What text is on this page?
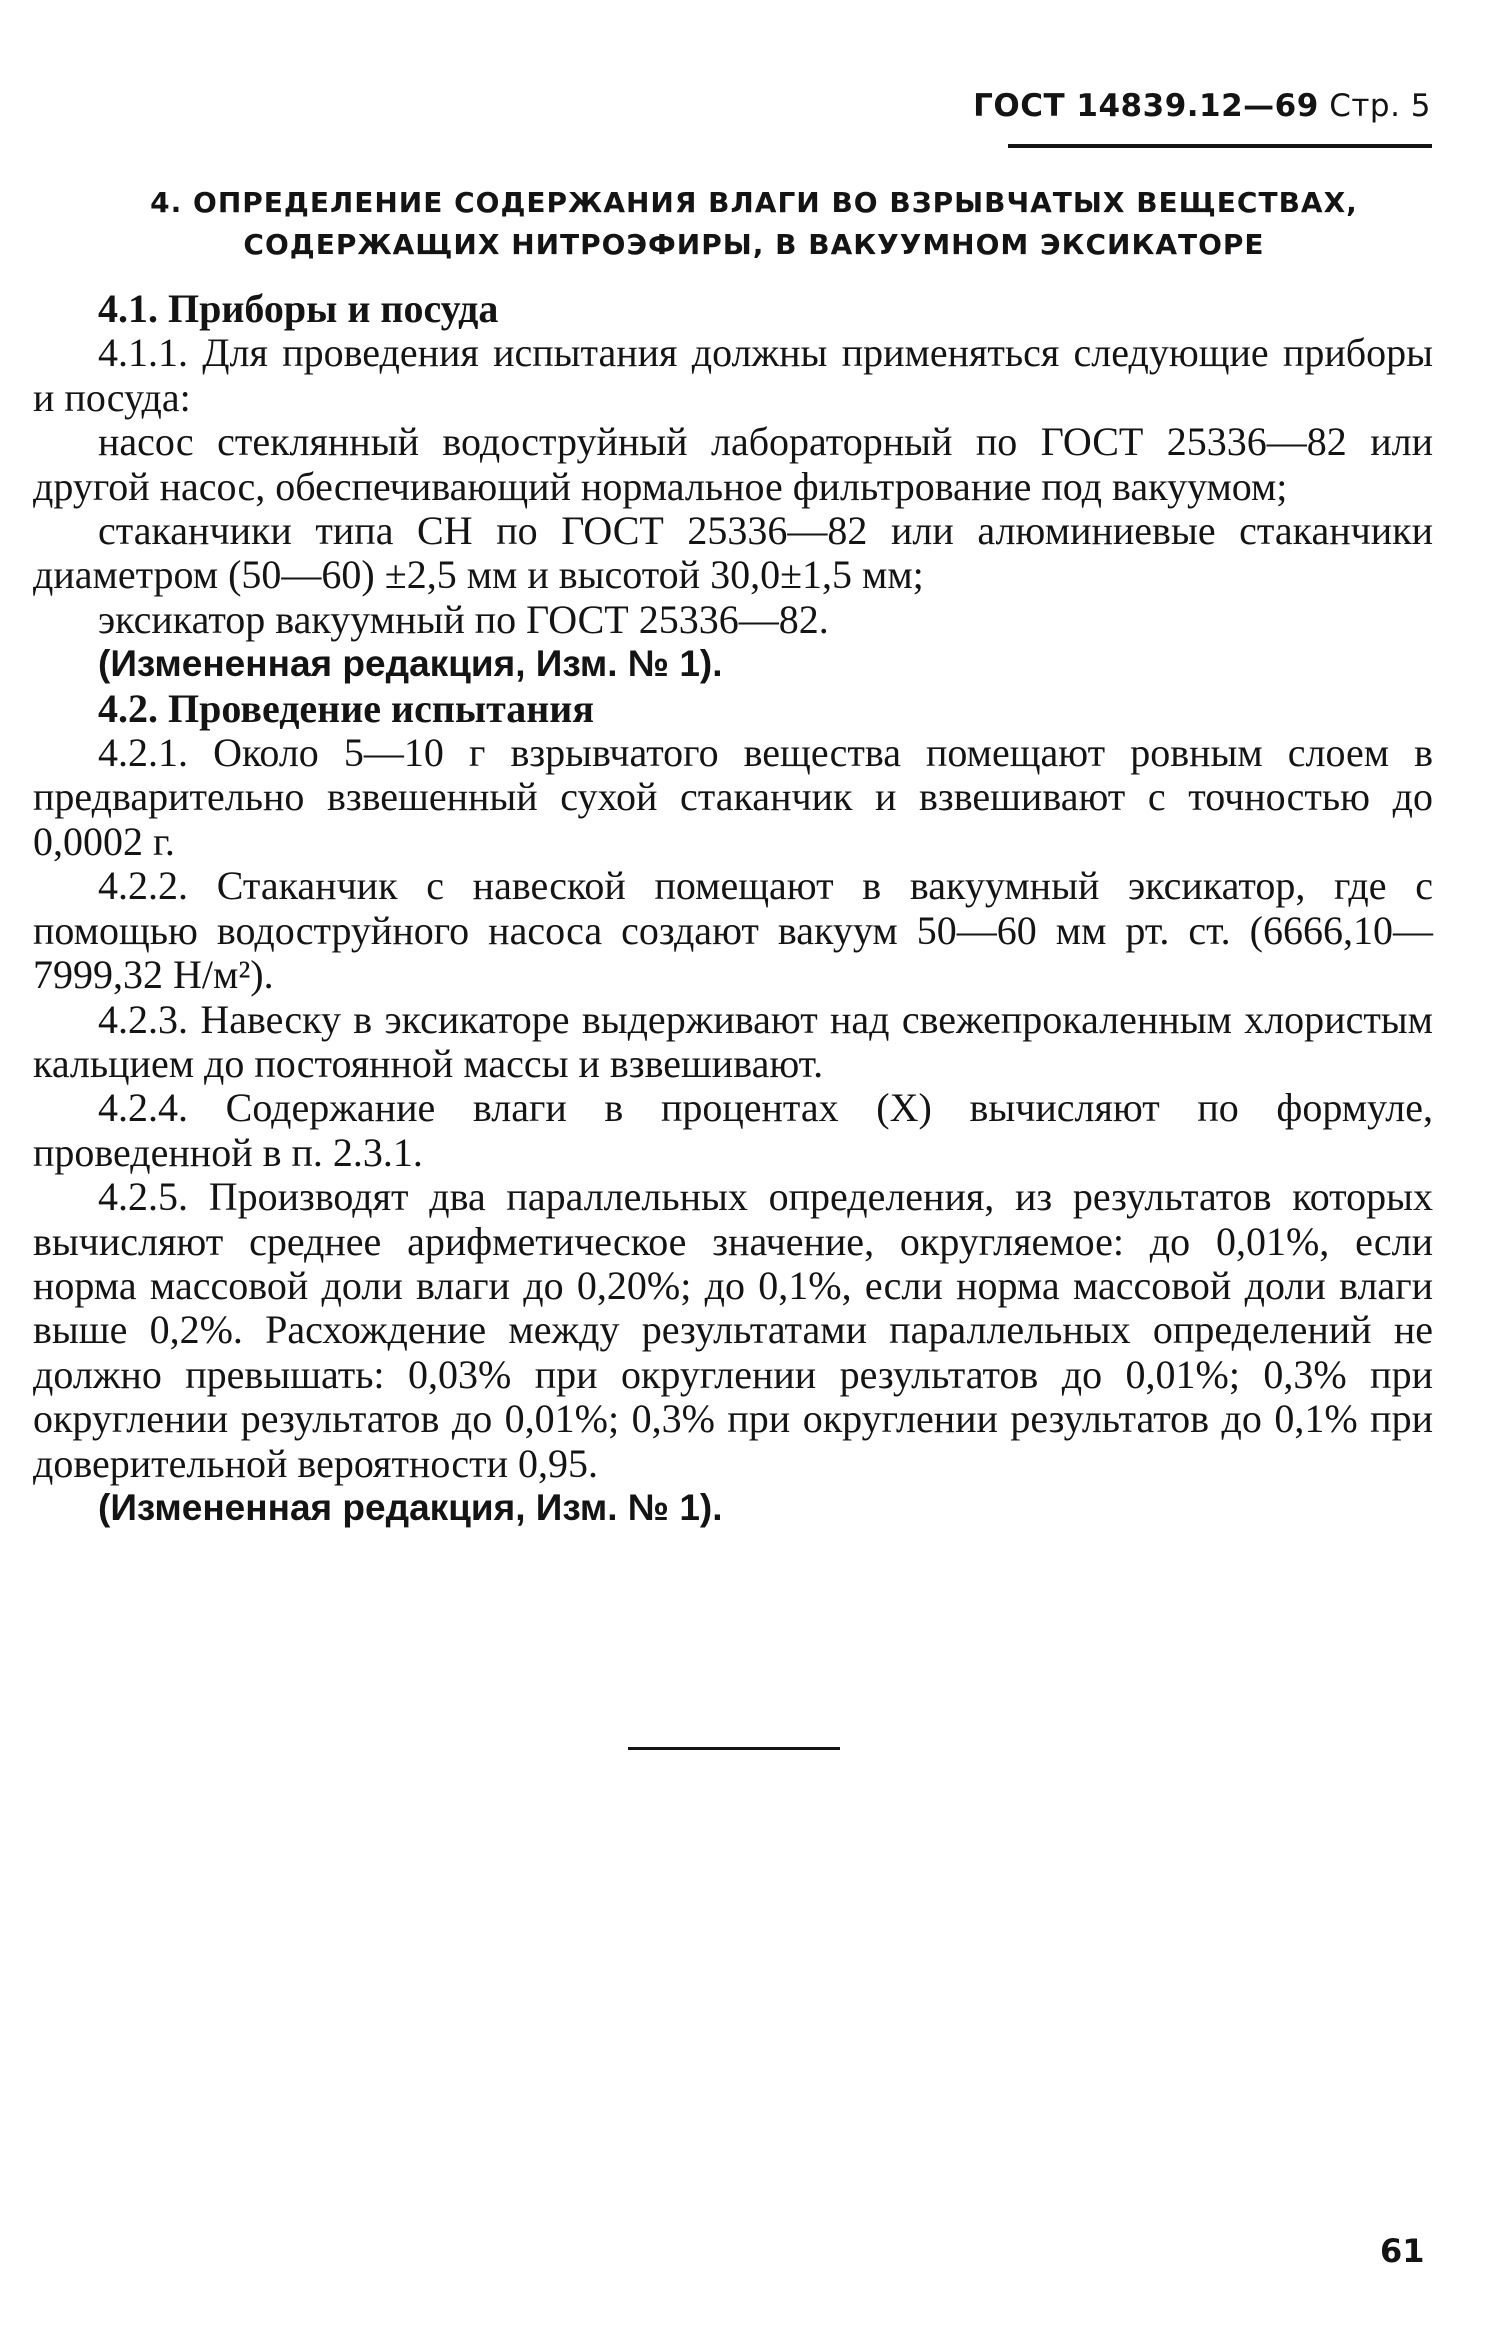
ГОСТ 14839.12—69 Стр. 5
4. ОПРЕДЕЛЕНИЕ СОДЕРЖАНИЯ ВЛАГИ ВО ВЗРЫВЧАТЫХ ВЕЩЕСТВАХ,
СОДЕРЖАЩИХ НИТРОЭФИРЫ, В ВАКУУМНОМ ЭКСИКАТОРЕ

4.1. Приборы и посуда

4.1.1. Для проведения испытания должны применяться следующие приборы и посуда:

насос стеклянный водоструйный лабораторный по ГОСТ 25336—82 или другой насос, обеспечивающий нормальное фильтрование под вакуумом;

стаканчики типа СН по ГОСТ 25336—82 или алюминиевые стаканчики диаметром (50—60) ±2,5 мм и высотой 30,0±1,5 мм;

эксикатор вакуумный по ГОСТ 25336—82.

(Измененная редакция, Изм. № 1).

4.2. Проведение испытания

4.2.1. Около 5—10 г взрывчатого вещества помещают ровным слоем в предварительно взвешенный сухой стаканчик и взвешивают с точностью до 0,0002 г.

4.2.2. Стаканчик с навеской помещают в вакуумный эксикатор, где с помощью водоструйного насоса создают вакуум 50—60 мм рт. ст. (6666,10—7999,32 Н/м²).

4.2.3. Навеску в эксикаторе выдерживают над свежепрокаленным хлористым кальцием до постоянной массы и взвешивают.

4.2.4. Содержание влаги в процентах (X) вычисляют по формуле, проведенной в п. 2.3.1.

4.2.5. Производят два параллельных определения, из результатов которых вычисляют среднее арифметическое значение, округляемое: до 0,01%, если норма массовой доли влаги до 0,20%; до 0,1%, если норма массовой доли влаги выше 0,2%. Расхождение между результатами параллельных определений не должно превышать: 0,03% при округлении результатов до 0,01%; 0,3% при округлении результатов до 0,01%; 0,3% при округлении результатов до 0,1% при доверительной вероятности 0,95.

(Измененная редакция, Изм. № 1).

61
